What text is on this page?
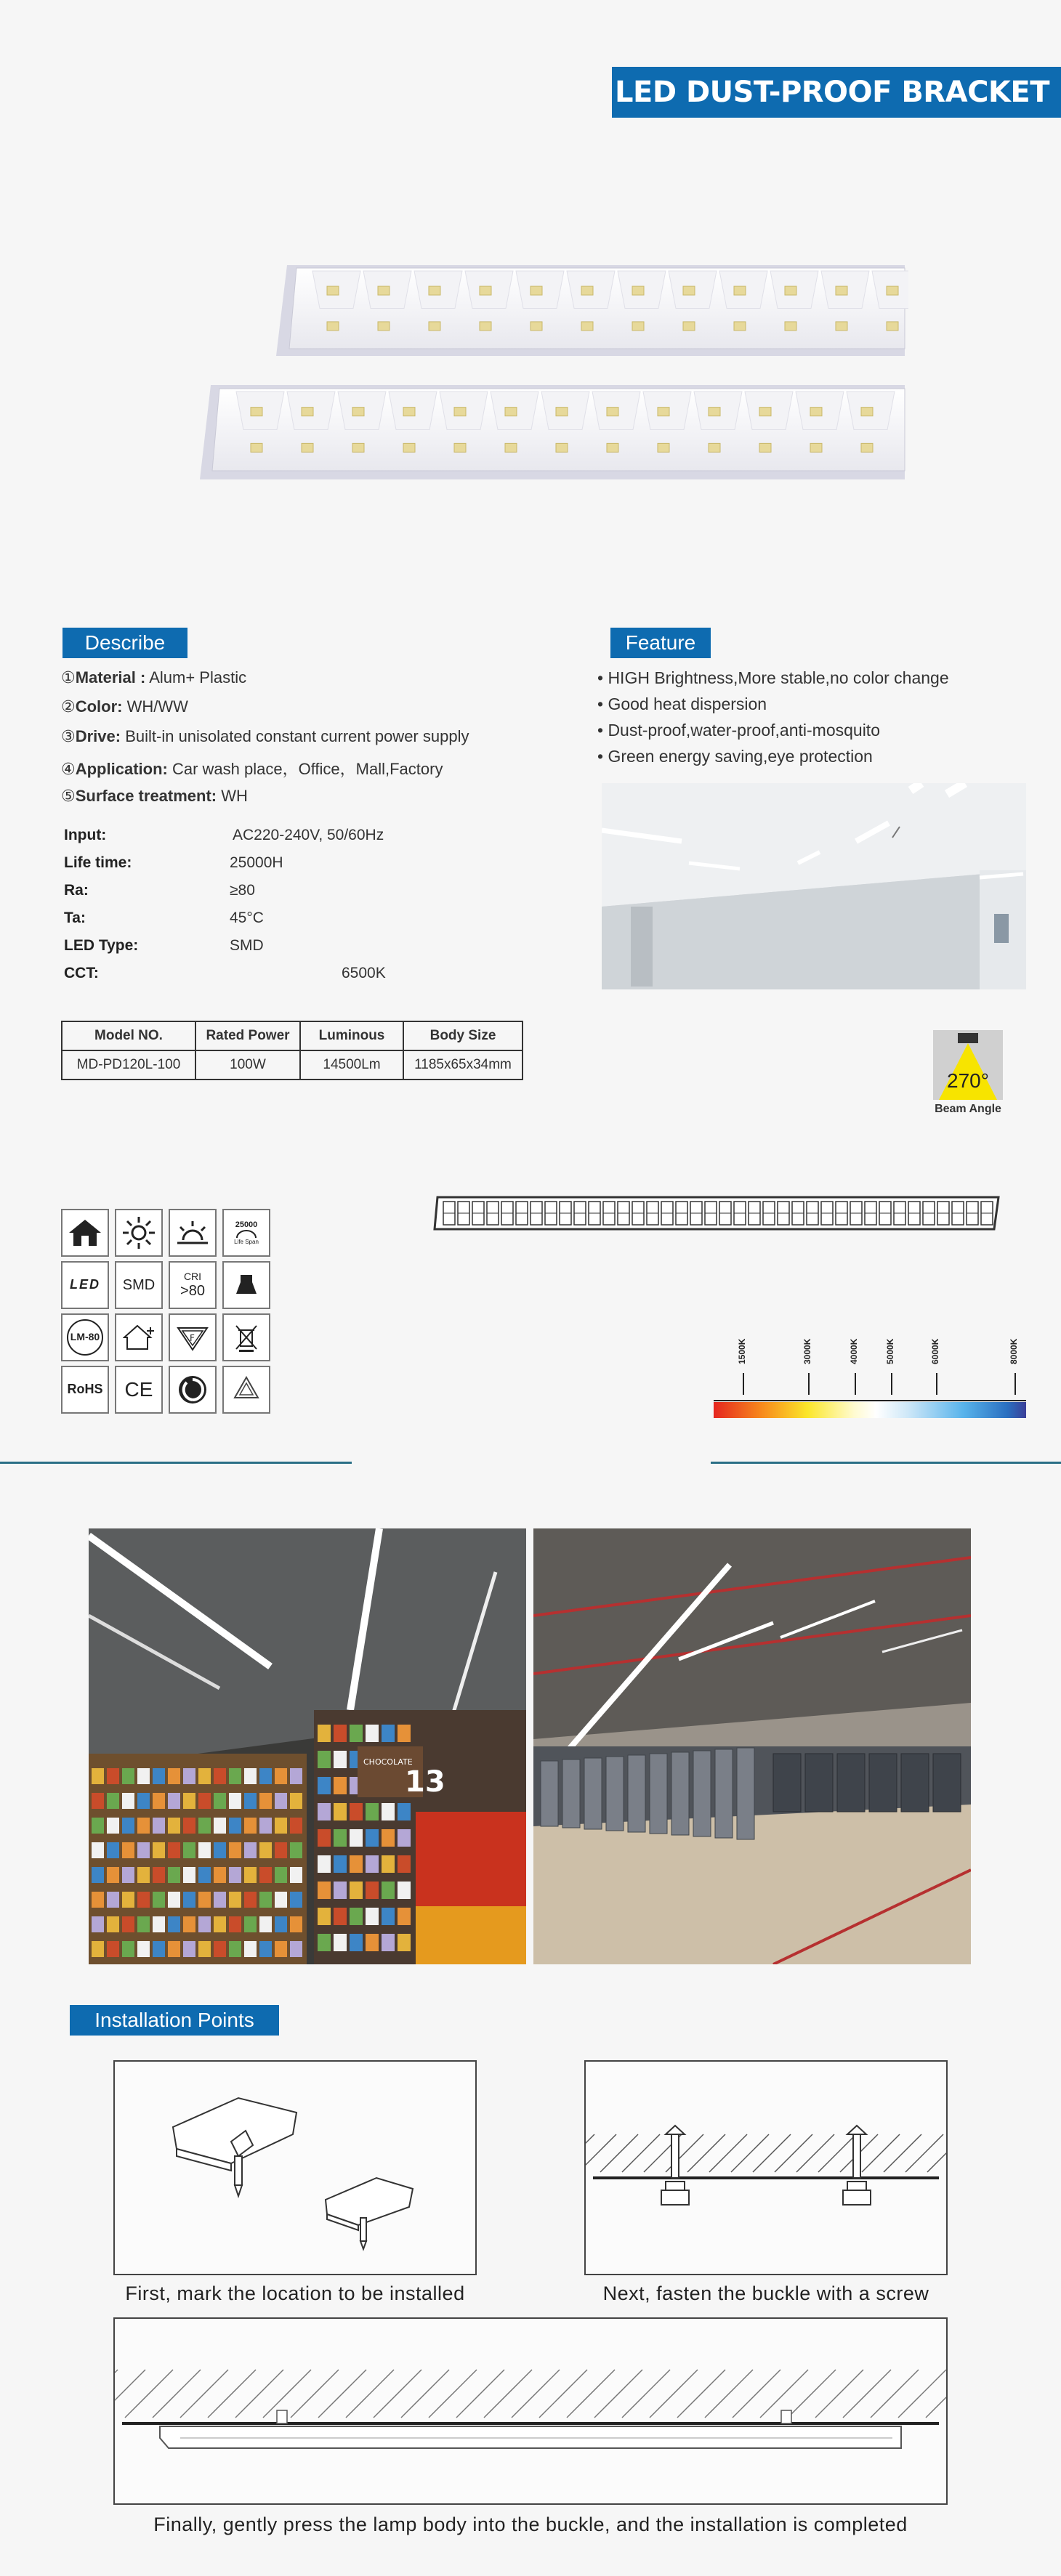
LED DUST-PROOF BRACKET
Describe
①Material : Alum+ Plastic
②Color: WH/WW
③Drive: Built-in unisolated constant current power supply
④Application: Car wash place，Office，Mall,Factory
⑤Surface treatment: WH
Input:	AC220-240V, 50/60Hz
Life time:	25000H
Ra:	≥80
Ta:	45°C
LED Type:	SMD
CCT:	6500K
Feature
• HIGH Brightness,More stable,no color change
• Good heat dispersion
• Dust-proof,water-proof,anti-mosquito
• Green energy saving,eye protection
Model NO.	Rated Power	Luminous	Body Size
MD-PD120L-100	100W	14500Lm	1185x65x34mm
270°
Beam Angle
25000
Life Span
LED	SMD
CRI
>80
LM-80	F
RoHS	CE
1500K	3000K	4000K	5000K	6000K	8000K
CHOCOLATE
13
Installation Points
First, mark the location to be installed	Next, fasten the buckle with a screw
Finally, gently press the lamp body into the buckle, and the installation is completed
